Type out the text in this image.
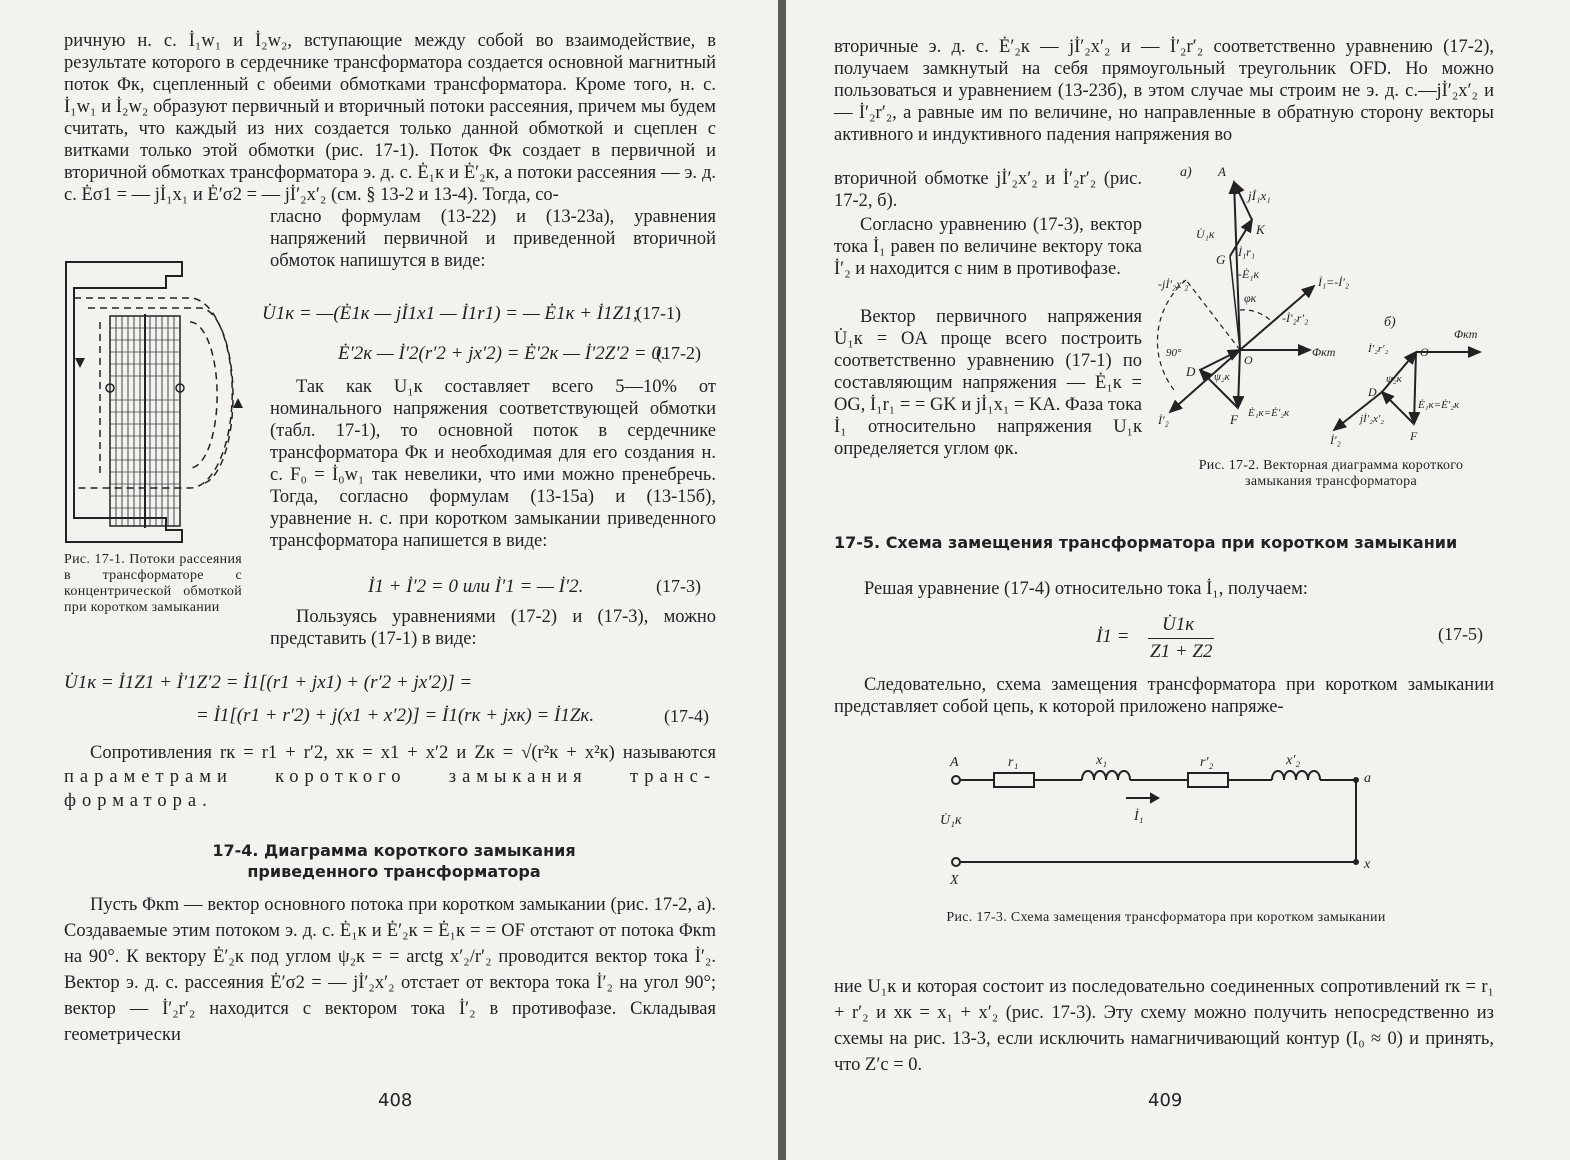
ричную н. с. İ₁w₁ и İ₂w₂, вступающие между собой во взаимодействие, в результате которого в сердечнике трансформатора создается основной магнитный поток Φк, сцепленный с обеими обмотками трансформатора. Кроме того, н. с. İ₁w₁ и İ₂w₂ образуют первичный и вторичный потоки рассеяния, причем мы будем считать, что каждый из них создается только данной обмоткой и сцеплен с витками только этой обмотки (рис. 17-1). Поток Φк создает в первичной и вторичной обмотках трансформатора э. д. с. Ė₁к и Ė′₂к, а потоки рассеяния — э. д. с. Ėσ1 = — jİ₁x₁ и Ė′σ2 = — jİ′₂x′₂ (см. § 13-2 и 13-4). Тогда, со-
гласно формулам (13-22) и (13-23а), уравнения напряжений первичной и приведенной вторичной обмоток напишутся в виде:
U̇1к = —(Ė1к — jİ1x1 — İ1r1) = — Ė1к + İ1Z1;
(17-1)
Ė′2к — İ′2(r′2 + jx′2) = Ė′2к — İ′2Z′2 = 0.
(17-2)
Так как U₁к составляет всего 5—10% от номинального напряжения соответствующей обмотки (табл. 17-1), то основной поток в сердечнике трансформатора Φк и необходимая для его создания н. с. F₀ = İ₀w₁ так невелики, что ими можно пренебречь. Тогда, согласно формулам (13-15а) и (13-15б), уравнение н. с. при коротком замыкании приведенного трансформатора напишется в виде:
İ1 + İ′2 = 0 или İ′1 = — İ′2.	(17-3)
Пользуясь уравнениями (17-2) и (17-3), можно представить (17-1) в виде:
Рис. 17-1. Потоки рассеяния в трансформаторе с концентрической обмоткой при коротком замыкании
U̇1к = İ1Z1 + İ′1Z′2 = İ1[(r1 + jx1) + (r′2 + jx′2)] =
= İ1[(r1 + r′2) + j(x1 + x′2)] = İ1(rк + jxк) = İ1Zк.	(17-4)
Сопротивления rк = r1 + r′2, xк = x1 + x′2 и Zк = √(r²к + x²к) называются
параметрами короткого замыкания транс-
форматора.
17-4. Диаграмма короткого замыкания приведенного трансформатора
Пусть Φкm — вектор основного потока при коротком замыкании (рис. 17-2, а). Создаваемые этим потоком э. д. с. Ė₁к и Ė′₂к = Ė₁к = = OF отстают от потока Φкm на 90°. К вектору Ė′₂к под углом ψ₂к = = arctg x′₂/r′₂ проводится вектор тока İ′₂. Вектор э. д. с. рассеяния Ė′σ2 = — jİ′₂x′₂ отстает от вектора тока İ′₂ на угол 90°; вектор — İ′₂r′₂ находится с вектором тока İ′₂ в противофазе. Складывая геометрически
408
вторичные э. д. с. Ė′₂к — jİ′₂x′₂ и — İ′₂r′₂ соответственно уравнению (17-2), получаем замкнутый на себя прямоугольный треугольник OFD. Но можно пользоваться и уравнением (13-23б), в этом случае мы строим не э. д. с.—jİ′₂x′₂ и — İ′₂r′₂, а равные им по величине, но направленные в обратную сторону векторы активного и индуктивного падения напряжения во
вторичной обмотке jİ′₂x′₂ и İ′₂r′₂ (рис. 17-2, б).
Согласно уравнению (17-3), вектор тока İ₁ равен по величине вектору тока İ′₂ и находится с ним в противофазе.
Вектор первичного напряжения U̇₁к = OA проще всего построить соответственно уравнению (17-1) по составляющим напряжения — Ė₁к = OG, İ₁r₁ = = GK и jİ₁x₁ = KA. Фаза тока İ₁ относительно напряжения U₁к определяется углом φк.
а)
б)
A
K
G
O
D
F
jİ₁x₁
U̇₁к
İ₁r₁
-Ė₁к
φк
İ₁=-İ′₂
Φкm
-İ′₂r′₂
-jİ′₂x′₂
90°
ψ₂к
İ′₂	Ė₁к=Ė′₂к
Φкm
O
D
F
İ′₂r′₂
ψ₂к
Ė₁к=Ė′₂к
jİ′₂x′₂
İ′₂
Рис. 17-2. Векторная диаграмма короткого замыкания трансформатора
17-5. Схема замещения трансформатора при коротком замыкании
Решая уравнение (17-4) относительно тока İ₁, получаем:
İ1 =
U̇1к
Z1 + Z2
(17-5)
Следовательно, схема замещения трансформатора при коротком замыкании представляет собой цепь, к которой приложено напряже-
A
X
a
x
r₁	x₁	r′₂	x′₂
U̇₁к	İ₁
Рис. 17-3. Схема замещения трансформатора при коротком замыкании
ние U₁к и которая состоит из последовательно соединенных сопротивлений rк = r₁ + r′₂ и xк = x₁ + x′₂ (рис. 17-3). Эту схему можно получить непосредственно из схемы на рис. 13-3, если исключить намагничивающий контур (I₀ ≈ 0) и принять, что Z′c = 0.
409
